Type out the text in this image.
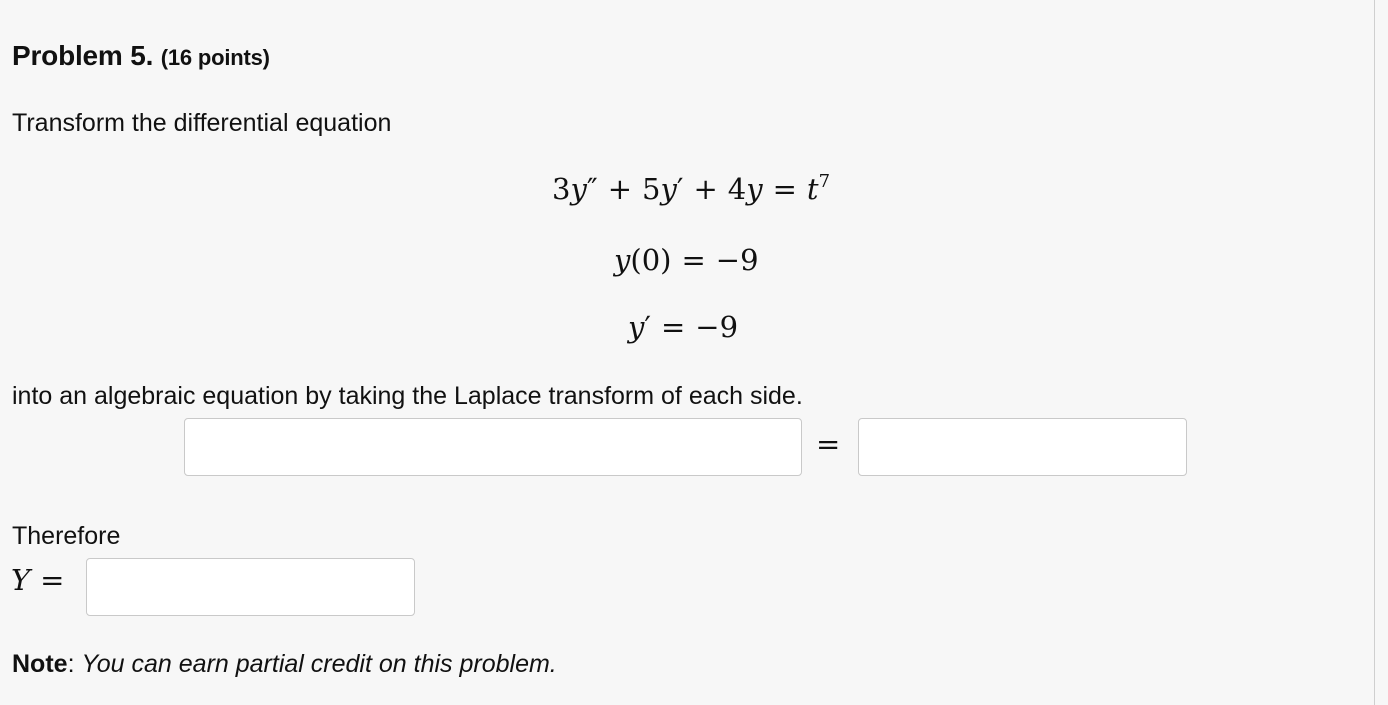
Problem 5. (16 points)

Transform the differential equation

$3y'' + 5y' + 4y = t^7$
y(0) = −9
y′ = −9

into an algebraic equation by taking the Laplace transform of each side.

=

Therefore

Y =

Note: You can earn partial credit on this problem.
